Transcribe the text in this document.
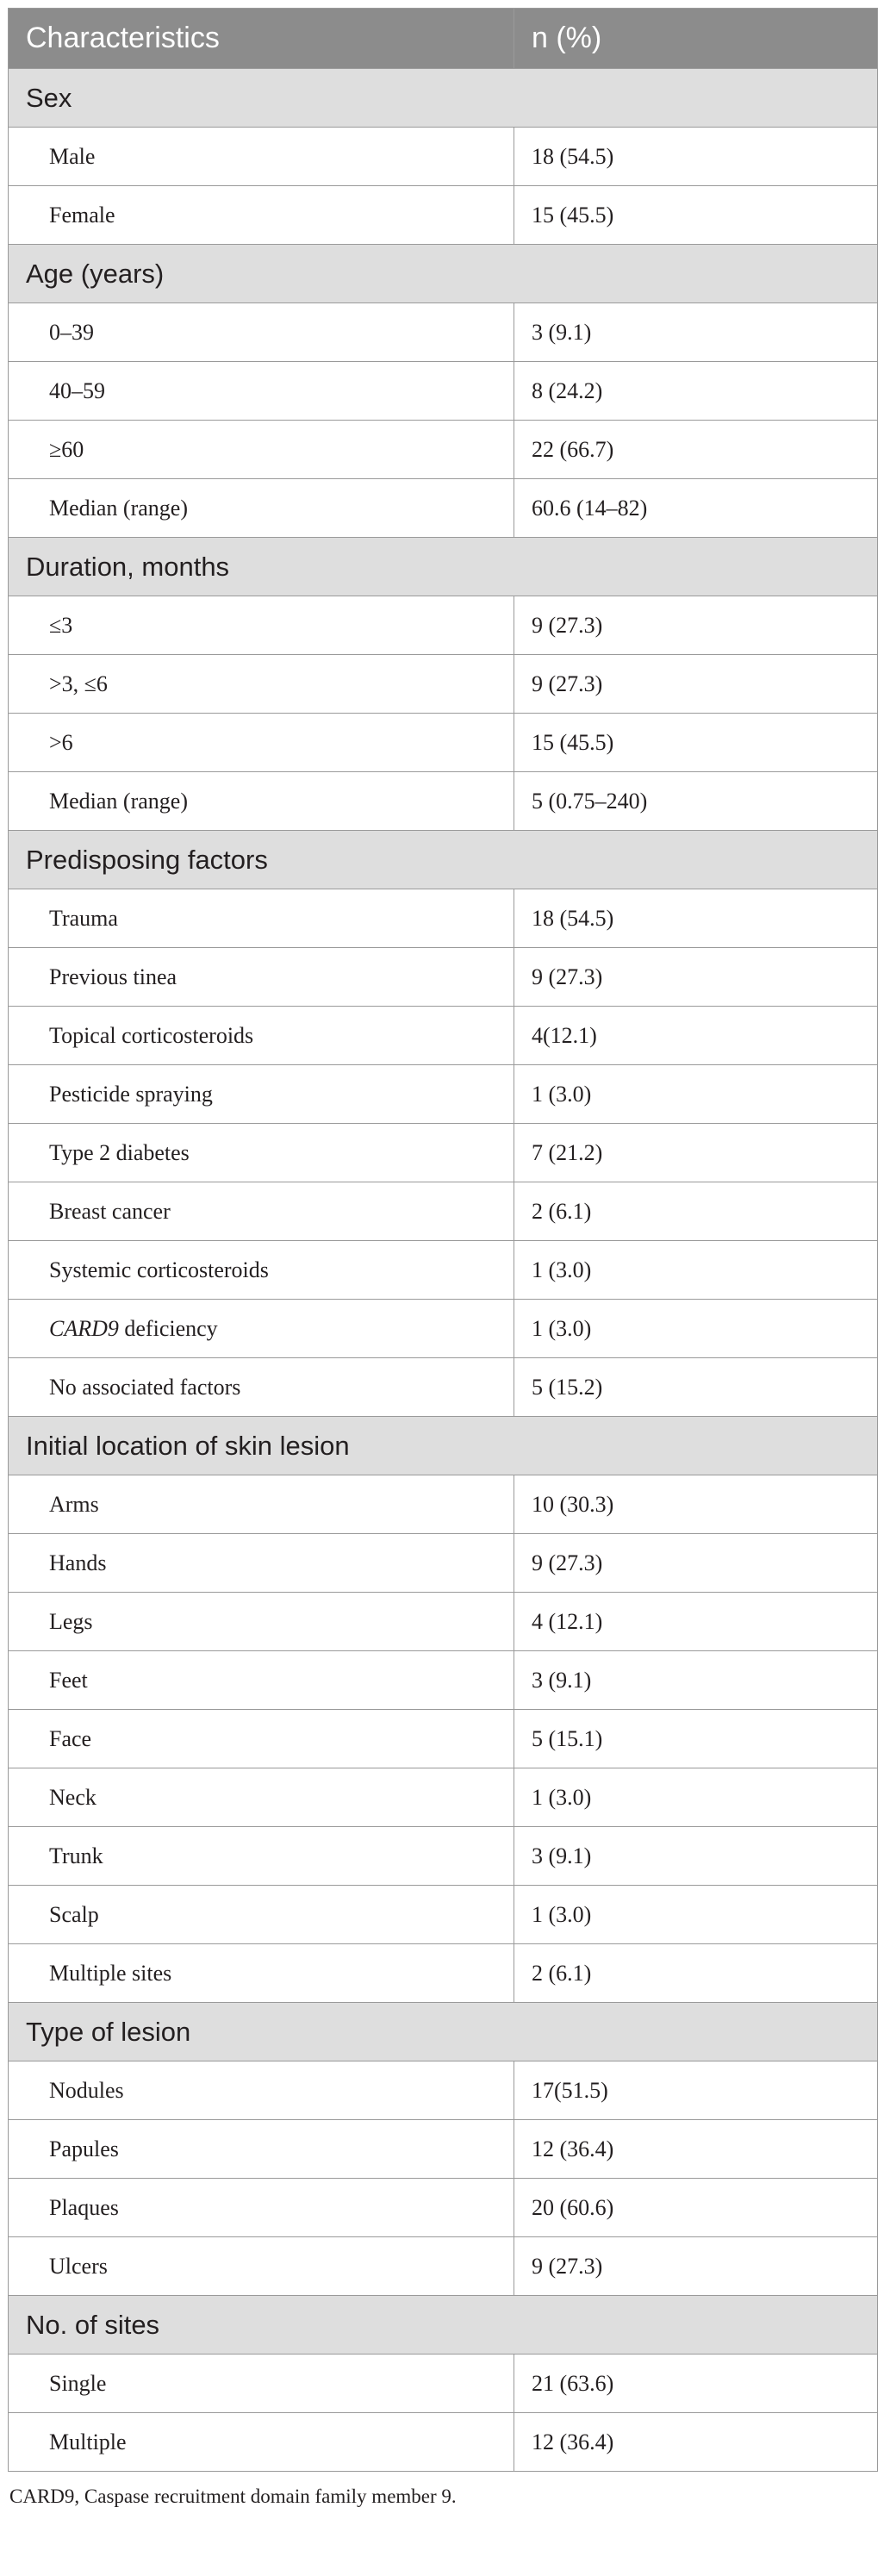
Characteristics	n (%)
Sex	
Male	18 (54.5)
Female	15 (45.5)
Age (years)	
0–39	3 (9.1)
40–59	8 (24.2)
≥60	22 (66.7)
Median (range)	60.6 (14–82)
Duration, months	
≤3	9 (27.3)
>3, ≤6	9 (27.3)
>6	15 (45.5)
Median (range)	5 (0.75–240)
Predisposing factors	
Trauma	18 (54.5)
Previous tinea	9 (27.3)
Topical corticosteroids	4(12.1)
Pesticide spraying	1 (3.0)
Type 2 diabetes	7 (21.2)
Breast cancer	2 (6.1)
Systemic corticosteroids	1 (3.0)
CARD9 deficiency	1 (3.0)
No associated factors	5 (15.2)
Initial location of skin lesion	
Arms	10 (30.3)
Hands	9 (27.3)
Legs	4 (12.1)
Feet	3 (9.1)
Face	5 (15.1)
Neck	1 (3.0)
Trunk	3 (9.1)
Scalp	1 (3.0)
Multiple sites	2 (6.1)
Type of lesion	
Nodules	17(51.5)
Papules	12 (36.4)
Plaques	20 (60.6)
Ulcers	9 (27.3)
No. of sites	
Single	21 (63.6)
Multiple	12 (36.4)
CARD9, Caspase recruitment domain family member 9.
